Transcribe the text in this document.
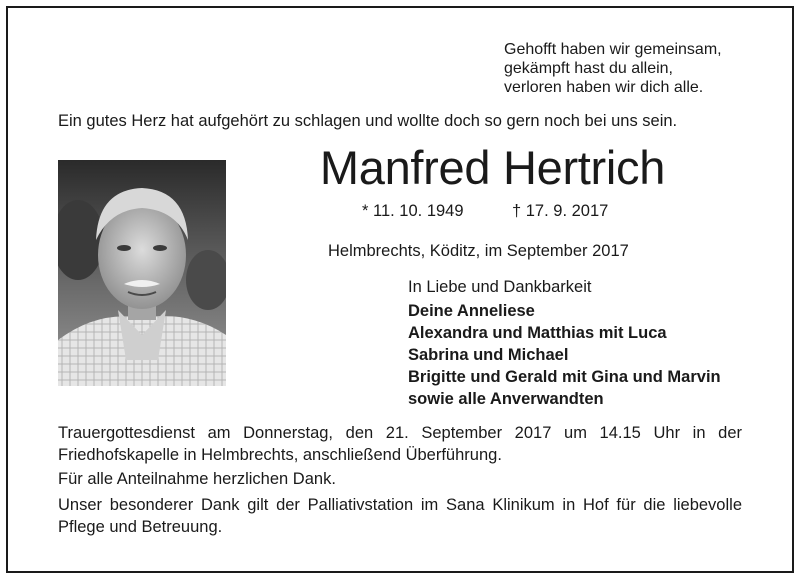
Gehofft haben wir gemeinsam,
gekämpft hast du allein,
verloren haben wir dich alle.
Ein gutes Herz hat aufgehört zu schlagen und wollte doch so gern noch bei uns sein.
Manfred Hertrich
* 11. 10. 1949	† 17. 9. 2017
Helmbrechts, Köditz, im September 2017
In Liebe und Dankbarkeit
Deine Anneliese
Alexandra und Matthias mit Luca
Sabrina und Michael
Brigitte und Gerald mit Gina und Marvin
sowie alle Anverwandten
Trauergottesdienst am Donnerstag, den 21. September 2017 um 14.15 Uhr in der Friedhofskapelle in Helmbrechts, anschließend Überführung.
Für alle Anteilnahme herzlichen Dank.
Unser besonderer Dank gilt der Palliativstation im Sana Klinikum in Hof für die liebevolle Pflege und Betreuung.
